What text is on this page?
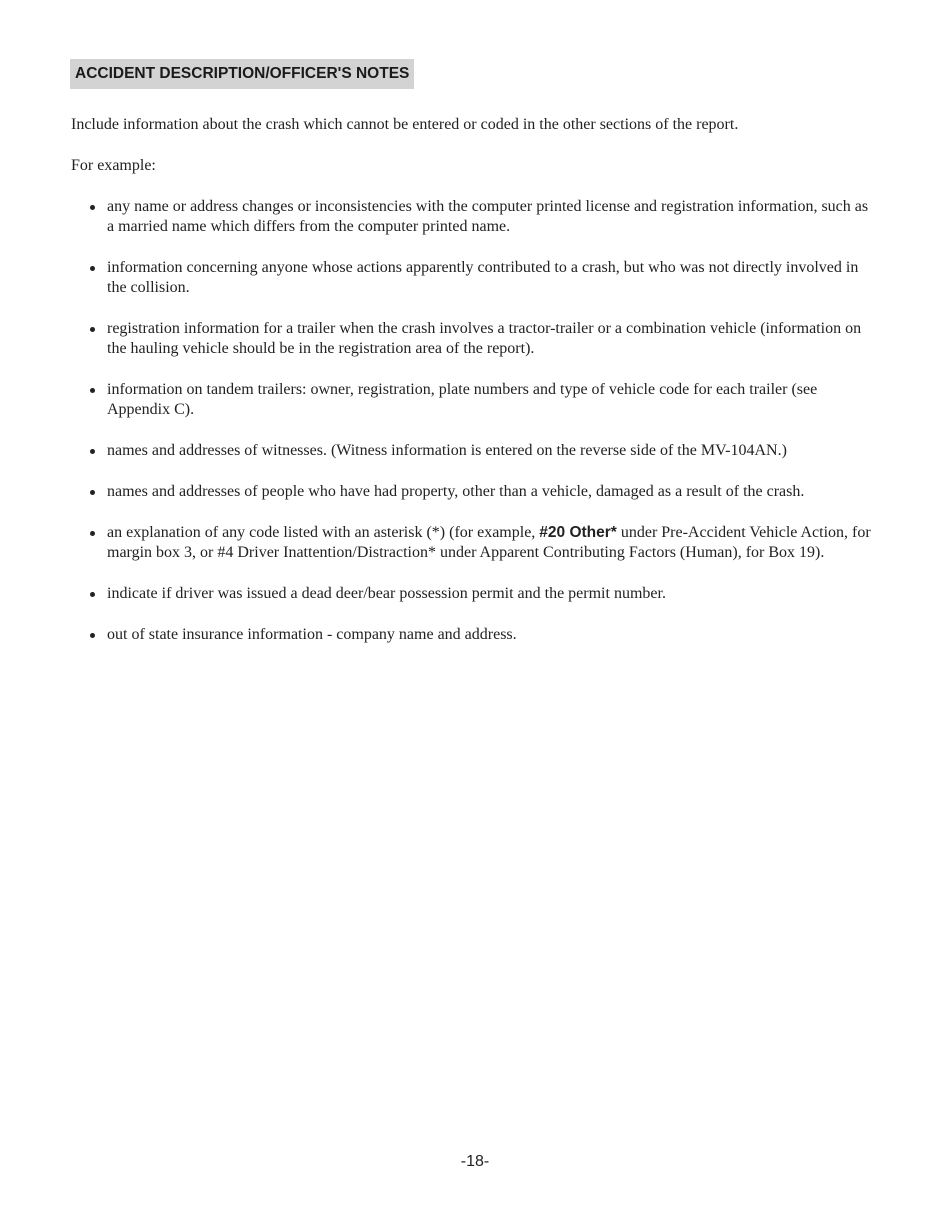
ACCIDENT DESCRIPTION/OFFICER'S NOTES

Include information about the crash which cannot be entered or coded in the other sections of the report.

For example:

any name or address changes or inconsistencies with the computer printed license and registration information, such as a married name which differs from the computer printed name.
information concerning anyone whose actions apparently contributed to a crash, but who was not directly involved in the collision.
registration information for a trailer when the crash involves a tractor-trailer or a combination vehicle (information on the hauling vehicle should be in the registration area of the report).
information on tandem trailers: owner, registration, plate numbers and type of vehicle code for each trailer (see Appendix C).
names and addresses of witnesses. (Witness information is entered on the reverse side of the MV-104AN.)
names and addresses of people who have had property, other than a vehicle, damaged as a result of the crash.
an explanation of any code listed with an asterisk (*) (for example, #20 Other* under Pre-Accident Vehicle Action, for margin box 3, or #4 Driver Inattention/Distraction* under Apparent Contributing Factors (Human), for Box 19).
indicate if driver was issued a dead deer/bear possession permit and the permit number.
out of state insurance information - company name and address.
-18-
